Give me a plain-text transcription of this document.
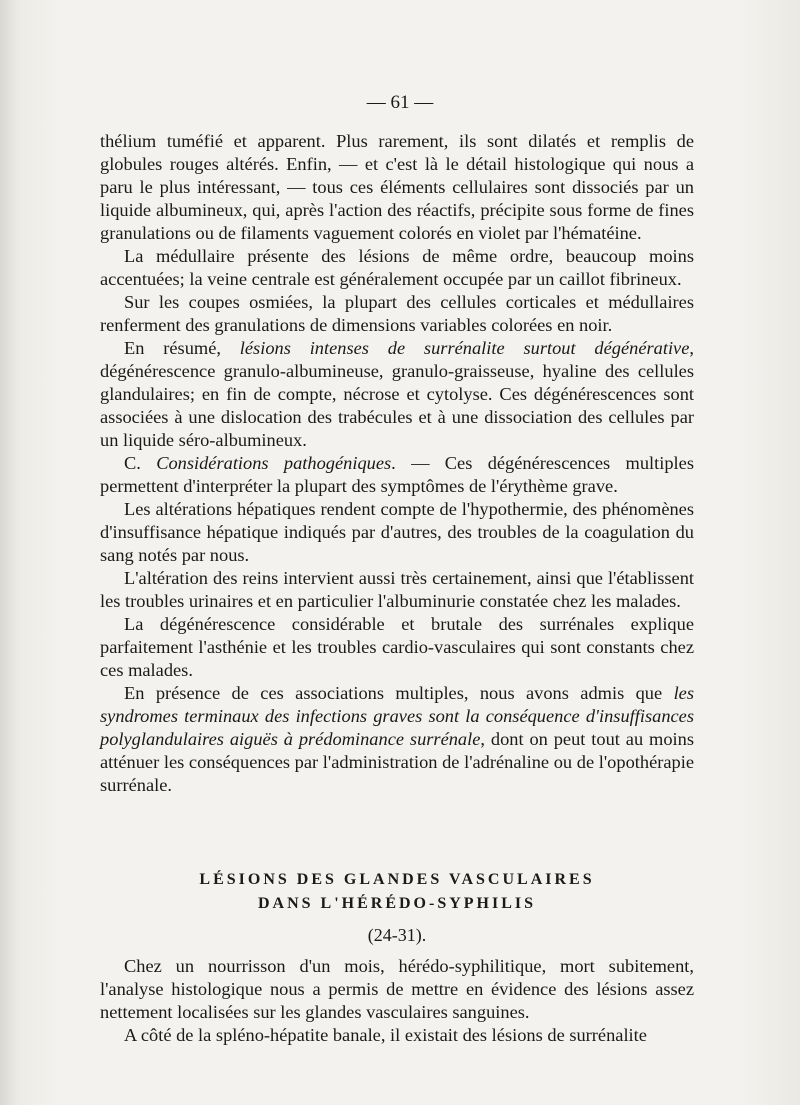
— 61 —

thélium tuméfié et apparent. Plus rarement, ils sont dilatés et remplis de globules rouges altérés. Enfin, — et c'est là le détail histologique qui nous a paru le plus intéressant, — tous ces éléments cellulaires sont dissociés par un liquide albumineux, qui, après l'action des réactifs, précipite sous forme de fines granulations ou de filaments vaguement colorés en violet par l'hématéine.

La médullaire présente des lésions de même ordre, beaucoup moins accentuées; la veine centrale est généralement occupée par un caillot fibrineux.

Sur les coupes osmiées, la plupart des cellules corticales et médullaires renferment des granulations de dimensions variables colorées en noir.

En résumé, lésions intenses de surrénalite surtout dégénérative, dégénérescence granulo-albumineuse, granulo-graisseuse, hyaline des cellules glandulaires; en fin de compte, nécrose et cytolyse. Ces dégénérescences sont associées à une dislocation des trabécules et à une dissociation des cellules par un liquide séro-albumineux.

C. Considérations pathogéniques. — Ces dégénérescences multiples permettent d'interpréter la plupart des symptômes de l'érythème grave.

Les altérations hépatiques rendent compte de l'hypothermie, des phénomènes d'insuffisance hépatique indiqués par d'autres, des troubles de la coagulation du sang notés par nous.

L'altération des reins intervient aussi très certainement, ainsi que l'établissent les troubles urinaires et en particulier l'albuminurie constatée chez les malades.

La dégénérescence considérable et brutale des surrénales explique parfaitement l'asthénie et les troubles cardio-vasculaires qui sont constants chez ces malades.

En présence de ces associations multiples, nous avons admis que les syndromes terminaux des infections graves sont la conséquence d'insuffisances polyglandulaires aiguës à prédominance surrénale, dont on peut tout au moins atténuer les conséquences par l'administration de l'adrénaline ou de l'opothérapie surrénale.

LÉSIONS DES GLANDES VASCULAIRES
DANS L'HÉRÉDO-SYPHILIS
(24-31).

Chez un nourrisson d'un mois, hérédo-syphilitique, mort subitement, l'analyse histologique nous a permis de mettre en évidence des lésions assez nettement localisées sur les glandes vasculaires sanguines.

A côté de la spléno-hépatite banale, il existait des lésions de surrénalite
